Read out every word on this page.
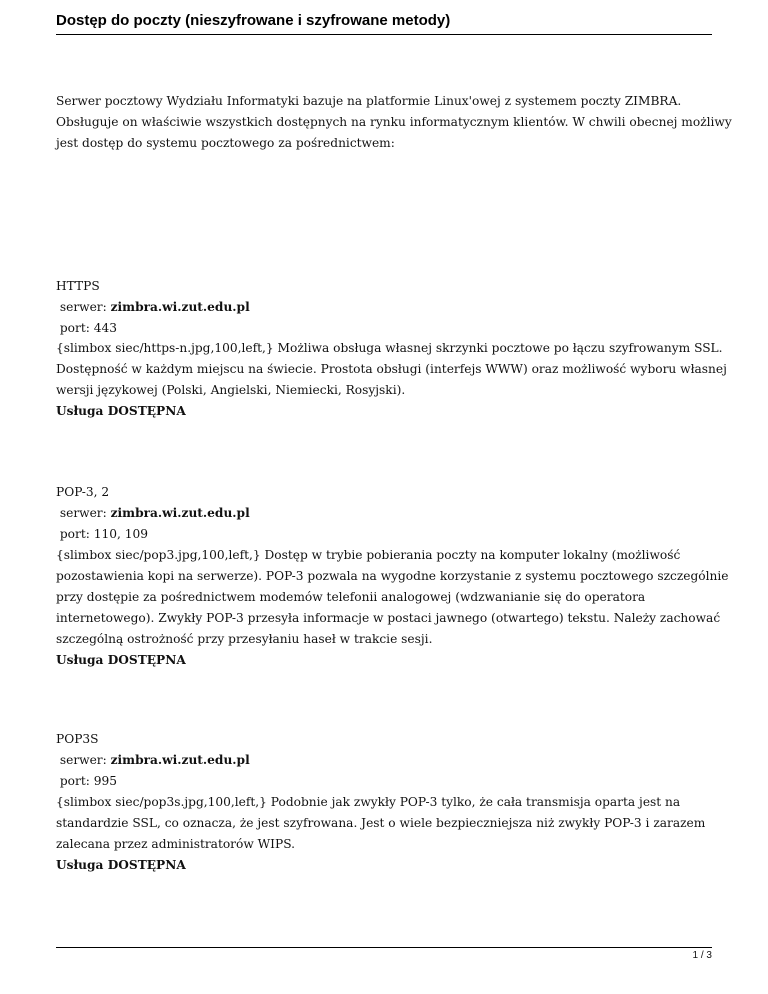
Dostęp do poczty (nieszyfrowane i szyfrowane metody)

Serwer pocztowy Wydziału Informatyki bazuje na platformie Linux'owej z systemem poczty ZIMBRA.
Obsługuje on właściwie wszystkich dostępnych na rynku informatycznym klientów. W chwili obecnej możliwy
jest dostęp do systemu pocztowego za pośrednictwem:

HTTPS
serwer: zimbra.wi.zut.edu.pl
port: 443

{slimbox siec/https-n.jpg,100,left,} Możliwa obsługa własnej skrzynki pocztowe po łączu szyfrowanym SSL.
Dostępność w każdym miejscu na świecie. Prostota obsługi (interfejs WWW) oraz możliwość wyboru własnej
wersji językowej (Polski, Angielski, Niemiecki, Rosyjski).
Usługa DOSTĘPNA

POP-3, 2
serwer: zimbra.wi.zut.edu.pl
port: 110, 109

{slimbox siec/pop3.jpg,100,left,} Dostęp w trybie pobierania poczty na komputer lokalny (możliwość
pozostawienia kopi na serwerze). POP-3 pozwala na wygodne korzystanie z systemu pocztowego szczególnie
przy dostępie za pośrednictwem modemów telefonii analogowej (wdzwanianie się do operatora
internetowego). Zwykły POP-3 przesyła informacje w postaci jawnego (otwartego) tekstu. Należy zachować
szczególną ostrożność przy przesyłaniu haseł w trakcie sesji.
Usługa DOSTĘPNA

POP3S
serwer: zimbra.wi.zut.edu.pl
port: 995

{slimbox siec/pop3s.jpg,100,left,} Podobnie jak zwykły POP-3 tylko, że cała transmisja oparta jest na
standardzie SSL, co oznacza, że jest szyfrowana. Jest o wiele bezpieczniejsza niż zwykły POP-3 i zarazem
zalecana przez administratorów WIPS.
Usługa DOSTĘPNA

1 / 3
